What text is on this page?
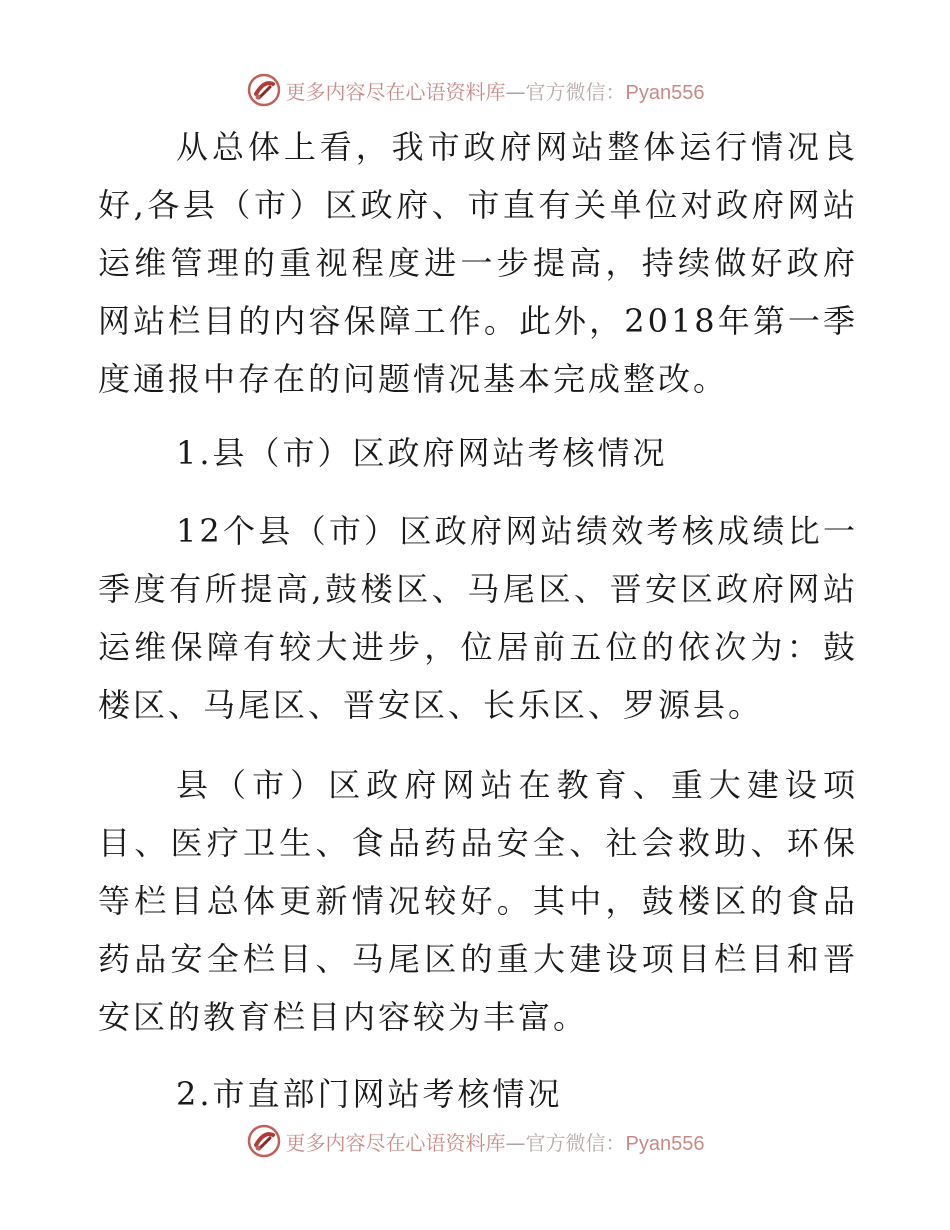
更多内容尽在心语资料库—官方微信：Pyan556

从总体上看，我市政府网站整体运行情况良好,各县（市）区政府、市直有关单位对政府网站运维管理的重视程度进一步提高，持续做好政府网站栏目的内容保障工作。此外，2018年第一季度通报中存在的问题情况基本完成整改。

1.县（市）区政府网站考核情况

12个县（市）区政府网站绩效考核成绩比一季度有所提高,鼓楼区、马尾区、晋安区政府网站运维保障有较大进步，位居前五位的依次为：鼓楼区、马尾区、晋安区、长乐区、罗源县。

县（市）区政府网站在教育、重大建设项目、医疗卫生、食品药品安全、社会救助、环保等栏目总体更新情况较好。其中，鼓楼区的食品药品安全栏目、马尾区的重大建设项目栏目和晋安区的教育栏目内容较为丰富。

2.市直部门网站考核情况

更多内容尽在心语资料库—官方微信：Pyan556
